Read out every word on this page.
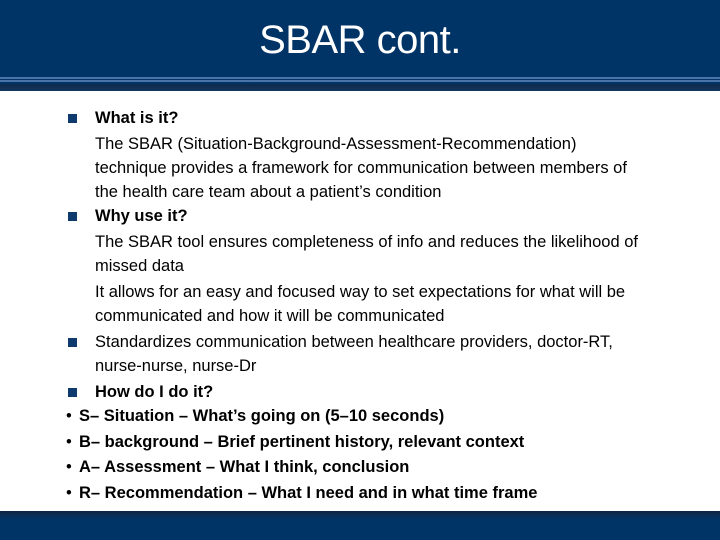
SBAR cont.
What is it?
The SBAR (Situation-Background-Assessment-Recommendation)
technique provides a framework for communication between members of
the health care team about a patient’s condition
Why use it?
The SBAR tool ensures completeness of info and reduces the likelihood of
missed data
It allows for an easy and focused way to set expectations for what will be
communicated and how it will be communicated
Standardizes communication between healthcare providers, doctor-RT,
nurse-nurse, nurse-Dr
How do I do it?
• S– Situation – What’s going on (5–10 seconds)
• B– background – Brief pertinent history, relevant context
• A– Assessment – What I think, conclusion
• R– Recommendation – What I need and in what time frame
